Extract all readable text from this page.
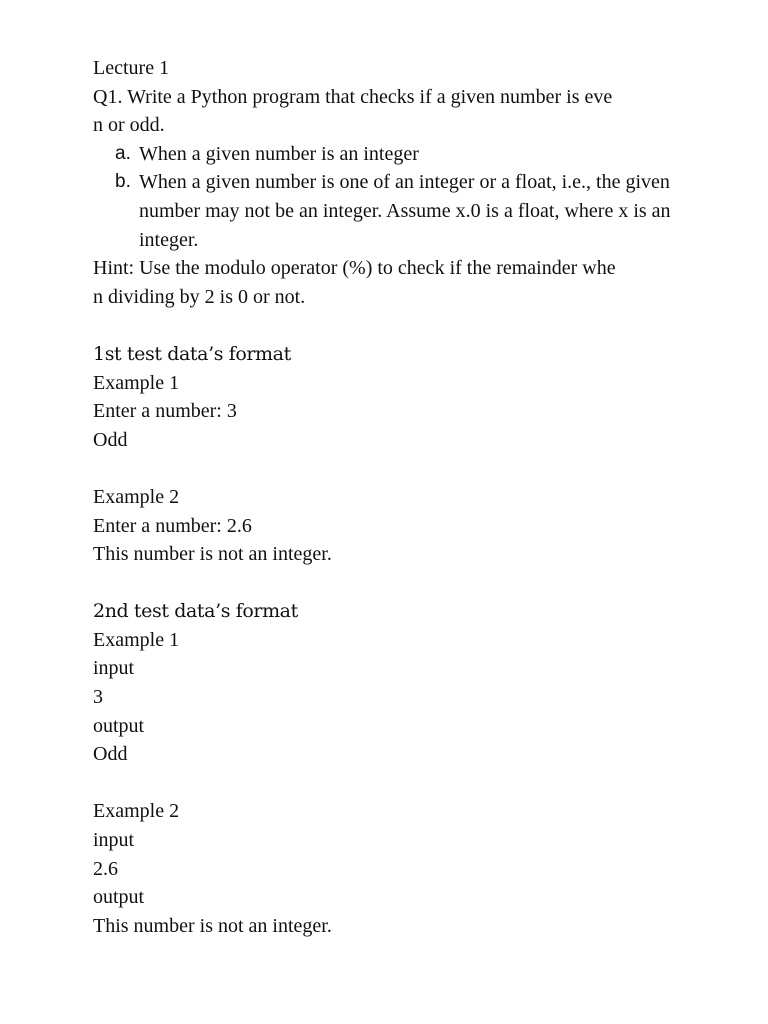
Lecture 1
Q1. Write a Python program that checks if a given number is eve
n or odd.
a. When a given number is an integer
b. When a given number is one of an integer or a float, i.e., the given number may not be an integer. Assume x.0 is a float, where x is an integer.
Hint: Use the modulo operator (%) to check if the remainder whe
n dividing by 2 is 0 or not.
1st test data’s format
Example 1
Enter a number: 3
Odd
Example 2
Enter a number: 2.6
This number is not an integer.
2nd test data’s format
Example 1
input
3
output
Odd
Example 2
input
2.6
output
This number is not an integer.
